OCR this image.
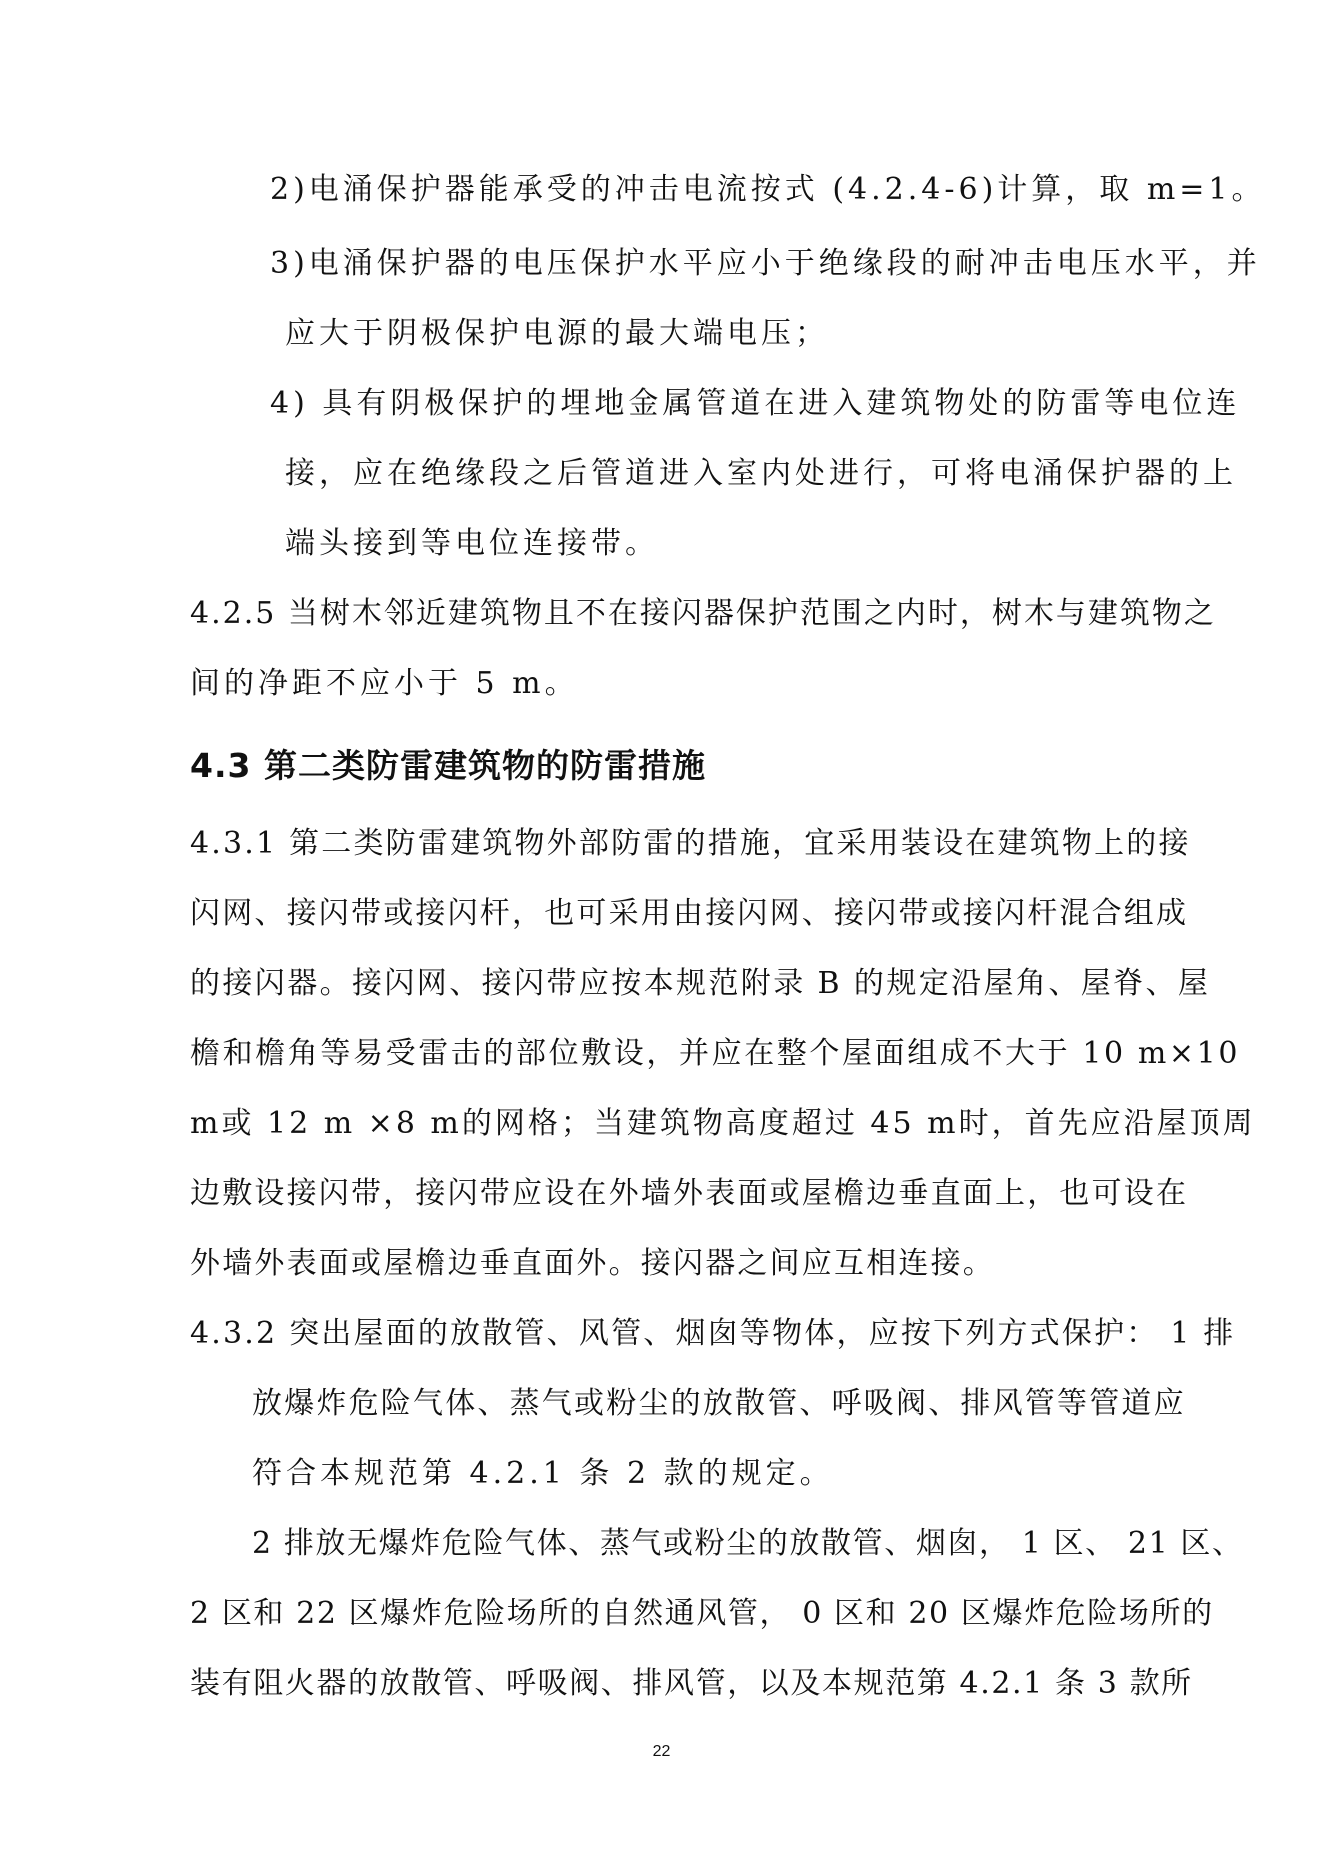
2)电涌保护器能承受的冲击电流按式 (4.2.4-6)计算，取 m=1。
3)电涌保护器的电压保护水平应小于绝缘段的耐冲击电压水平，并
应大于阴极保护电源的最大端电压；
4) 具有阴极保护的埋地金属管道在进入建筑物处的防雷等电位连
接，应在绝缘段之后管道进入室内处进行，可将电涌保护器的上
端头接到等电位连接带。
4.2.5 当树木邻近建筑物且不在接闪器保护范围之内时，树木与建筑物之
间的净距不应小于 5 m。
4.3 第二类防雷建筑物的防雷措施
4.3.1 第二类防雷建筑物外部防雷的措施，宜采用装设在建筑物上的接
闪网、接闪带或接闪杆，也可采用由接闪网、接闪带或接闪杆混合组成
的接闪器。接闪网、接闪带应按本规范附录 B 的规定沿屋角、屋脊、屋
檐和檐角等易受雷击的部位敷设，并应在整个屋面组成不大于 10 m×10
m或 12 m ×8 m的网格；当建筑物高度超过 45 m时，首先应沿屋顶周
边敷设接闪带，接闪带应设在外墙外表面或屋檐边垂直面上，也可设在
外墙外表面或屋檐边垂直面外。接闪器之间应互相连接。
4.3.2 突出屋面的放散管、风管、烟囱等物体，应按下列方式保护： 1 排
放爆炸危险气体、蒸气或粉尘的放散管、呼吸阀、排风管等管道应
符合本规范第 4.2.1 条 2 款的规定。
2 排放无爆炸危险气体、蒸气或粉尘的放散管、烟囱， 1 区、 21 区、
2 区和 22 区爆炸危险场所的自然通风管， 0 区和 20 区爆炸危险场所的
装有阻火器的放散管、呼吸阀、排风管，以及本规范第 4.2.1 条 3 款所
22
